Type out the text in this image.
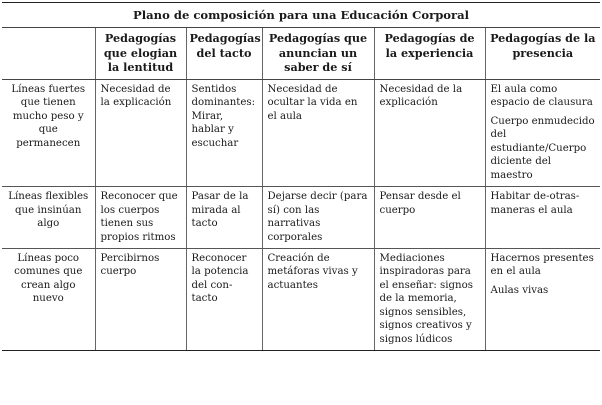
Plano de composición para una Educación Corporal					
	Pedagogías que elogian la lentitud	Pedagogías del tacto	Pedagogías que anuncian un saber de sí	Pedagogías de la experiencia	Pedagogías de la presencia
Líneas fuertes que tienen mucho peso y que permanecen	Necesidad de la explicación	Sentidos dominantes: Mirar, hablar y escuchar	Necesidad de ocultar la vida en el aula	Necesidad de la explicación	El aula como espacio de clausura
Cuerpo enmudecido del estudiante/Cuerpo diciente del maestro

Líneas flexibles que insinúan algo	Reconocer que los cuerpos tienen sus propios ritmos	Pasar de la mirada al tacto	Dejarse decir (para sí) con las narrativas corporales	Pensar desde el cuerpo	Habitar de-otras-maneras el aula

Líneas poco comunes que crean algo nuevo	Percibirnos cuerpo	Reconocer la potencia del con-tacto	Creación de metáforas vivas y actuantes	Mediaciones inspiradoras para el enseñar: signos de la memoria, signos sensibles, signos creativos y signos lúdicos	Hacernos presentes en el aula
Aulas vivas
